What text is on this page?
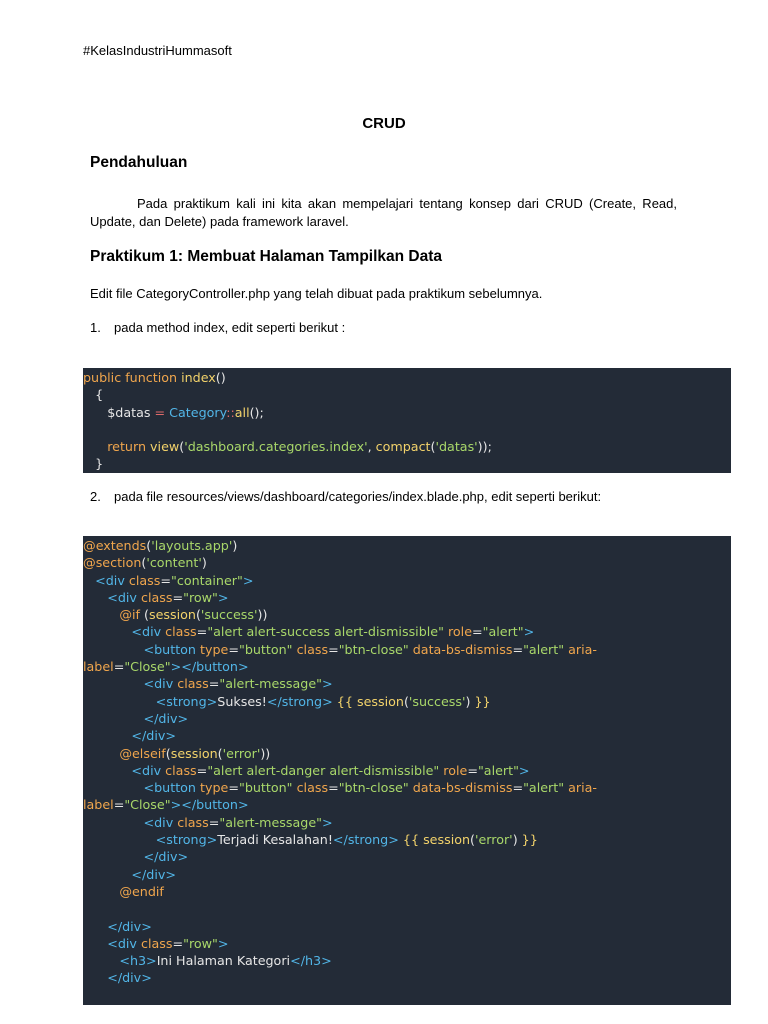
#KelasIndustriHummasoft
CRUD
Pendahuluan
Pada praktikum kali ini kita akan mempelajari tentang konsep dari CRUD (Create, Read, Update, dan Delete) pada framework laravel.
Praktikum 1: Membuat Halaman Tampilkan Data
Edit file CategoryController.php yang telah dibuat pada praktikum sebelumnya.
1. pada method index, edit seperti berikut :
public function index()
{
$datas = Category::all();
return view('dashboard.categories.index', compact('datas'));
}
2. pada file resources/views/dashboard/categories/index.blade.php, edit seperti berikut:
@extends('layouts.app')
@section('content')
<div class="container">
<div class="row">
@if (session('success'))
<div class="alert alert-success alert-dismissible" role="alert">
<button type="button" class="btn-close" data-bs-dismiss="alert" aria-
label="Close"></button>
<div class="alert-message">
<strong>Sukses!</strong> {{ session('success') }}
</div>
</div>
@elseif(session('error'))
<div class="alert alert-danger alert-dismissible" role="alert">
<button type="button" class="btn-close" data-bs-dismiss="alert" aria-
label="Close"></button>
<div class="alert-message">
<strong>Terjadi Kesalahan!</strong> {{ session('error') }}
</div>
</div>
@endif
</div>
<div class="row">
<h3>Ini Halaman Kategori</h3>
</div>
